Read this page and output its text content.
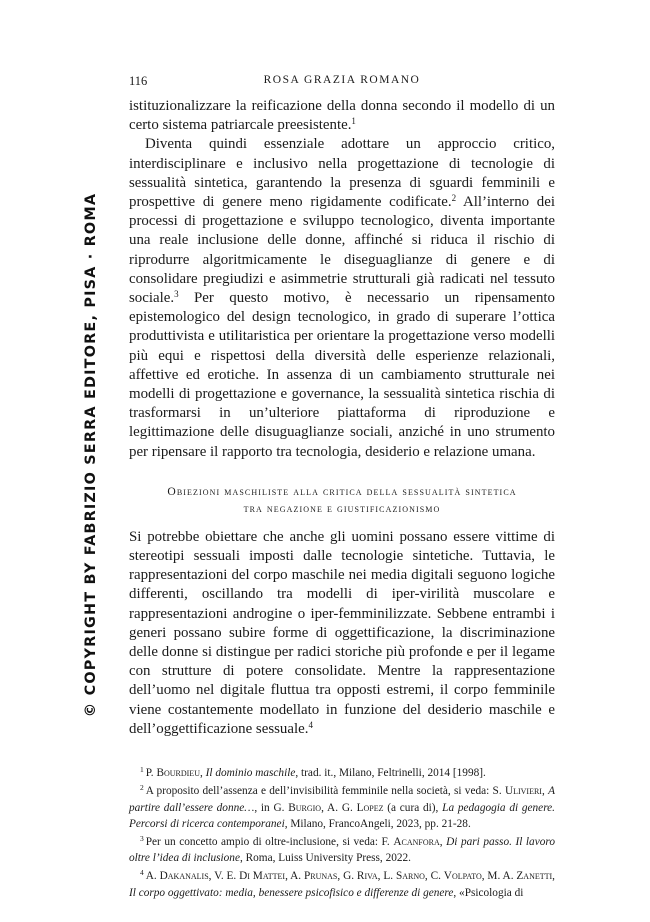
© COPYRIGHT BY FABRIZIO SERRA EDITORE, PISA · ROMA
116	ROSA GRAZIA ROMANO

istituzionalizzare la reificazione della donna secondo il modello di un certo sistema patriarcale preesistente.$^1$

Diventa quindi essenziale adottare un approccio critico, interdisciplinare e inclusivo nella progettazione di tecnologie di sessualità sintetica, garantendo la presenza di sguardi femminili e prospettive di genere meno rigidamente codificate.$^2$ All’interno dei processi di progettazione e sviluppo tecnologico, diventa importante una reale inclusione delle donne, affinché si riduca il rischio di riprodurre algoritmicamente le diseguaglianze di genere e di consolidare pregiudizi e asimmetrie strutturali già radicati nel tessuto sociale.$^3$ Per questo motivo, è necessario un ripensamento epistemologico del design tecnologico, in grado di superare l’ottica produttivista e utilitaristica per orientare la progettazione verso modelli più equi e rispettosi della diversità delle esperienze relazionali, affettive ed erotiche. In assenza di un cambiamento strutturale nei modelli di progettazione e governance, la sessualità sintetica rischia di trasformarsi in un’ulteriore piattaforma di riproduzione e legittimazione delle disuguaglianze sociali, anziché in uno strumento per ripensare il rapporto tra tecnologia, desiderio e relazione umana.

Obiezioni maschiliste alla critica della sessualità sintetica
tra negazione e giustificazionismo

Si potrebbe obiettare che anche gli uomini possano essere vittime di stereotipi sessuali imposti dalle tecnologie sintetiche. Tuttavia, le rappresentazioni del corpo maschile nei media digitali seguono logiche differenti, oscillando tra modelli di iper-virilità muscolare e rappresentazioni androgine o iper-femminilizzate. Sebbene entrambi i generi possano subire forme di oggettificazione, la discriminazione delle donne si distingue per radici storiche più profonde e per il legame con strutture di potere consolidate. Mentre la rappresentazione dell’uomo nel digitale fluttua tra opposti estremi, il corpo femminile viene costantemente modellato in funzione del desiderio maschile e dell’oggettificazione sessuale.$^4$

$^1$ P. Bourdieu, Il dominio maschile, trad. it., Milano, Feltrinelli, 2014 [1998].

$^2$ A proposito dell’assenza e dell’invisibilità femminile nella società, si veda: S. Ulivieri, A partire dall’essere donne…, in G. Burgio, A. G. Lopez (a cura di), La pedagogia di genere. Percorsi di ricerca contemporanei, Milano, FrancoAngeli, 2023, pp. 21-28.

$^3$ Per un concetto ampio di oltre-inclusione, si veda: F. Acanfora, Di pari passo. Il lavoro oltre l’idea di inclusione, Roma, Luiss University Press, 2022.

$^4$ A. Dakanalis, V. E. Di Mattei, A. Prunas, G. Riva, L. Sarno, C. Volpato, M. A. Zanetti, Il corpo oggettivato: media, benessere psicofisico e differenze di genere, «Psicologia di
